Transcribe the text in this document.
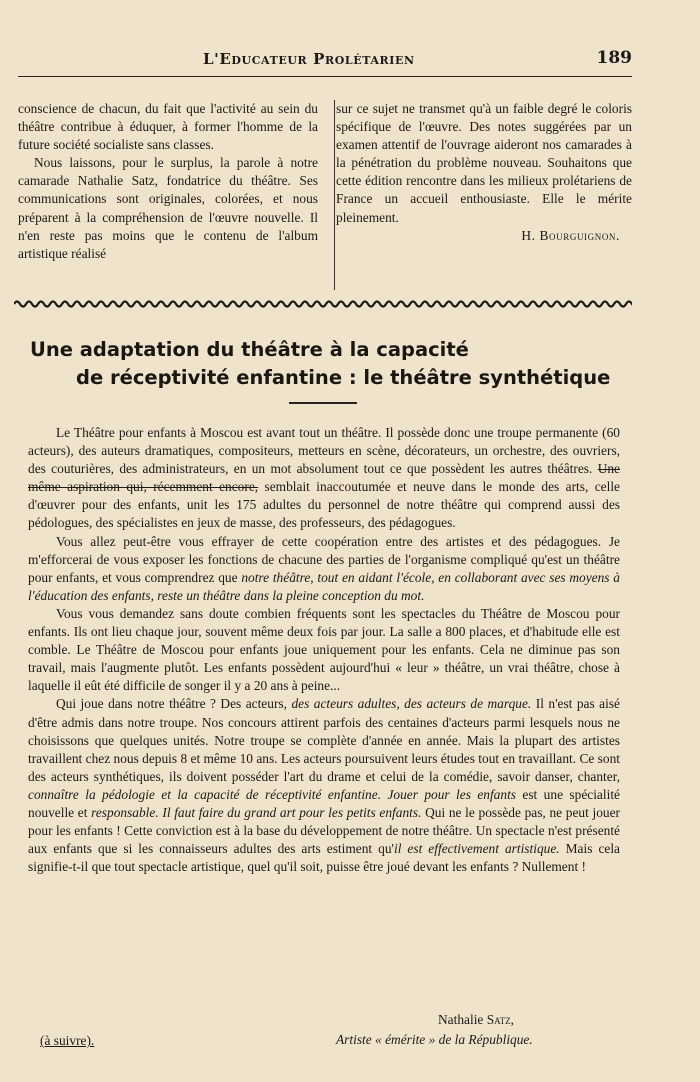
L'Educateur Prolétarien	189

conscience de chacun, du fait que l'activité au sein du théâtre contribue à éduquer, à former l'homme de la future société socialiste sans classes.

Nous laissons, pour le surplus, la parole à notre camarade Nathalie Satz, fondatrice du théâtre. Ses communications sont originales, colorées, et nous préparent à la compréhension de l'œuvre nouvelle. Il n'en reste pas moins que le contenu de l'album artistique réalisé

sur ce sujet ne transmet qu'à un faible degré le coloris spécifique de l'œuvre. Des notes suggérées par un examen attentif de l'ouvrage aideront nos camarades à la pénétration du problème nouveau. Souhaitons que cette édition rencontre dans les milieux prolétariens de France un accueil enthousiaste. Elle le mérite pleinement.

H. Bourguignon.

Une adaptation du théâtre à la capacité
de réceptivité enfantine : le théâtre synthétique

Le Théâtre pour enfants à Moscou est avant tout un théâtre. Il possède donc une troupe permanente (60 acteurs), des auteurs dramatiques, compositeurs, metteurs en scène, décorateurs, un orchestre, des ouvriers, des couturières, des administrateurs, en un mot absolument tout ce que possèdent les autres théâtres. Une même aspiration qui, récemment encore, semblait inaccoutumée et neuve dans le monde des arts, celle d'œuvrer pour des enfants, unit les 175 adultes du personnel de notre théâtre qui comprend aussi des pédologues, des spécialistes en jeux de masse, des professeurs, des pédagogues.

Vous allez peut-être vous effrayer de cette coopération entre des artistes et des pédagogues. Je m'efforcerai de vous exposer les fonctions de chacune des parties de l'organisme compliqué qu'est un théâtre pour enfants, et vous comprendrez que notre théâtre, tout en aidant l'école, en collaborant avec ses moyens à l'éducation des enfants, reste un théâtre dans la pleine conception du mot.

Vous vous demandez sans doute combien fréquents sont les spectacles du Théâtre de Moscou pour enfants. Ils ont lieu chaque jour, souvent même deux fois par jour. La salle a 800 places, et d'habitude elle est comble. Le Théâtre de Moscou pour enfants joue uniquement pour les enfants. Cela ne diminue pas son travail, mais l'augmente plutôt. Les enfants possèdent aujourd'hui « leur » théâtre, un vrai théâtre, chose à laquelle il eût été difficile de songer il y a 20 ans à peine...

Qui joue dans notre théâtre ? Des acteurs, des acteurs adultes, des acteurs de marque. Il n'est pas aisé d'être admis dans notre troupe. Nos concours attirent parfois des centaines d'acteurs parmi lesquels nous ne choisissons que quelques unités. Notre troupe se complète d'année en année. Mais la plupart des artistes travaillent chez nous depuis 8 et même 10 ans. Les acteurs poursuivent leurs études tout en travaillant. Ce sont des acteurs synthétiques, ils doivent posséder l'art du drame et celui de la comédie, savoir danser, chanter, connaître la pédologie et la capacité de réceptivité enfantine. Jouer pour les enfants est une spécialité nouvelle et responsable. Il faut faire du grand art pour les petits enfants. Qui ne le possède pas, ne peut jouer pour les enfants ! Cette conviction est à la base du développement de notre théâtre. Un spectacle n'est présenté aux enfants que si les connaisseurs adultes des arts estiment qu'il est effectivement artistique. Mais cela signifie-t-il que tout spectacle artistique, quel qu'il soit, puisse être joué devant les enfants ? Nullement !

Nathalie Satz,
Artiste « émérite » de la République.
(à suivre).
